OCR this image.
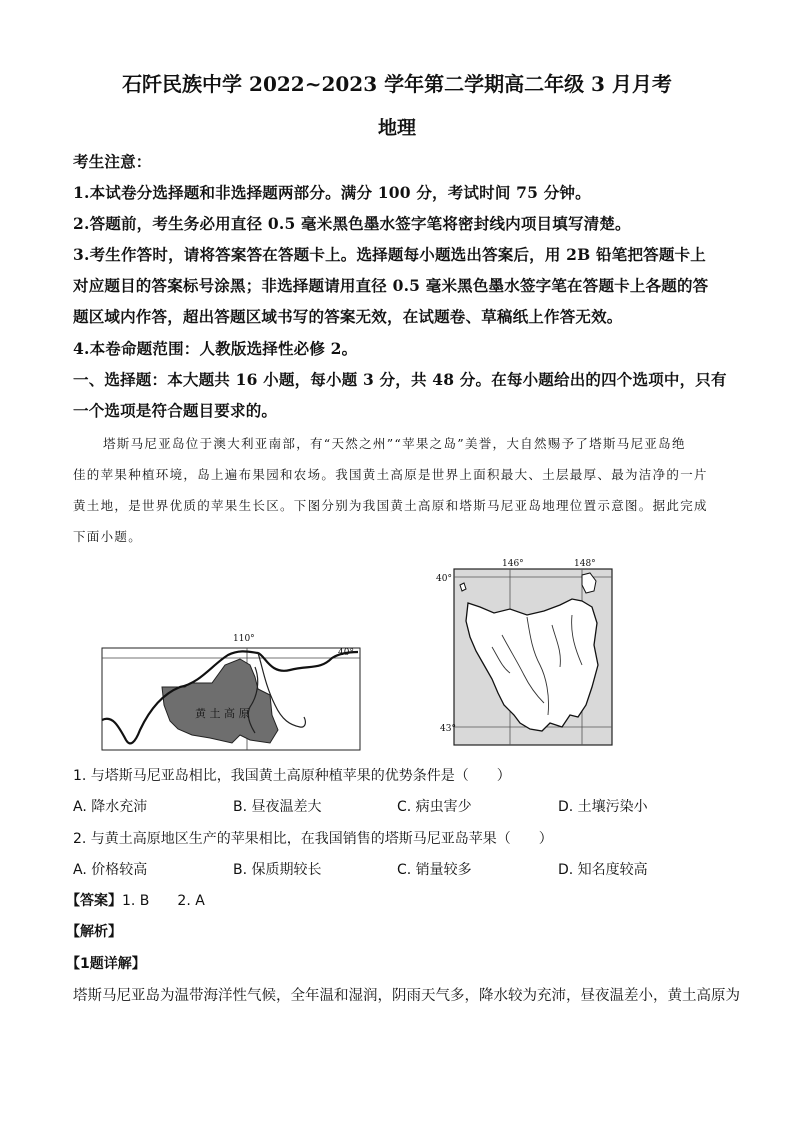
石阡民族中学 2022~2023 学年第二学期高二年级 3 月月考
地理
考生注意：
1.本试卷分选择题和非选择题两部分。满分 100 分，考试时间 75 分钟。
2.答题前，考生务必用直径 0.5 毫米黑色墨水签字笔将密封线内项目填写清楚。
3.考生作答时，请将答案答在答题卡上。选择题每小题选出答案后，用 2B 铅笔把答题卡上
对应题目的答案标号涂黑；非选择题请用直径 0.5 毫米黑色墨水签字笔在答题卡上各题的答
题区域内作答，超出答题区域书写的答案无效，在试题卷、草稿纸上作答无效。
4.本卷命题范围：人教版选择性必修 2。
一、选择题：本大题共 16 小题，每小题 3 分，共 48 分。在每小题给出的四个选项中，只有
一个选项是符合题目要求的。
塔斯马尼亚岛位于澳大利亚南部，有“天然之州”“苹果之岛”美誉，大自然赐予了塔斯马尼亚岛绝
佳的苹果种植环境，岛上遍布果园和农场。我国黄土高原是世界上面积最大、土层最厚、最为洁净的一片
黄土地，是世界优质的苹果生长区。下图分别为我国黄土高原和塔斯马尼亚岛地理位置示意图。据此完成
下面小题。
黄 土 高 原
110°
40°
146°	148°
40°
43°
1. 与塔斯马尼亚岛相比，我国黄土高原种植苹果的优势条件是（　　）
A. 降水充沛	B. 昼夜温差大	C. 病虫害少	D. 土壤污染小
2. 与黄土高原地区生产的苹果相比，在我国销售的塔斯马尼亚岛苹果（　　）
A. 价格较高	B. 保质期较长	C. 销量较多	D. 知名度较高
【答案】1. B　　2. A
【解析】
【1题详解】
塔斯马尼亚岛为温带海洋性气候，全年温和湿润，阴雨天气多，降水较为充沛，昼夜温差小，黄土高原为
